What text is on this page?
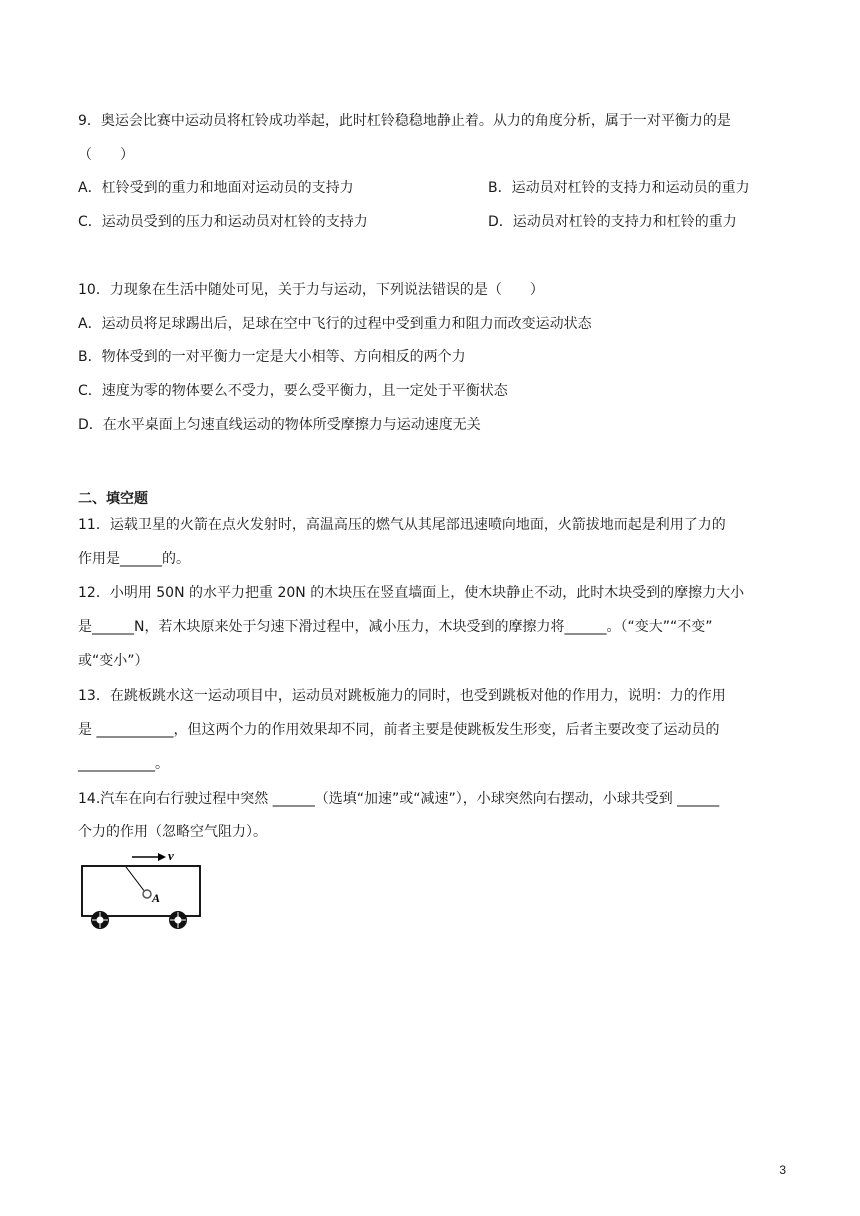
9．奥运会比赛中运动员将杠铃成功举起，此时杠铃稳稳地静止着。从力的角度分析，属于一对平衡力的是
（　　）
A．杠铃受到的重力和地面对运动员的支持力	B．运动员对杠铃的支持力和运动员的重力
C．运动员受到的压力和运动员对杠铃的支持力	D．运动员对杠铃的支持力和杠铃的重力
10．力现象在生活中随处可见，关于力与运动，下列说法错误的是（　　）
A．运动员将足球踢出后，足球在空中飞行的过程中受到重力和阻力而改变运动状态
B．物体受到的一对平衡力一定是大小相等、方向相反的两个力
C．速度为零的物体要么不受力，要么受平衡力，且一定处于平衡状态
D．在水平桌面上匀速直线运动的物体所受摩擦力与运动速度无关
二、填空题
11．运载卫星的火箭在点火发射时，高温高压的燃气从其尾部迅速喷向地面，火箭拔地而起是利用了力的
作用是______的。
12．小明用 50N 的水平力把重 20N 的木块压在竖直墙面上，使木块静止不动，此时木块受到的摩擦力大小
是______N，若木块原来处于匀速下滑过程中，减小压力，木块受到的摩擦力将______。（“变大”“不变”
或“变小”）
13．在跳板跳水这一运动项目中，运动员对跳板施力的同时，也受到跳板对他的作用力，说明：力的作用
是 ___________，但这两个力的作用效果却不同，前者主要是使跳板发生形变，后者主要改变了运动员的
___________。
14.汽车在向右行驶过程中突然 ______（选填“加速”或“减速”），小球突然向右摆动，小球共受到 ______
个力的作用（忽略空气阻力）。
v
A
3
